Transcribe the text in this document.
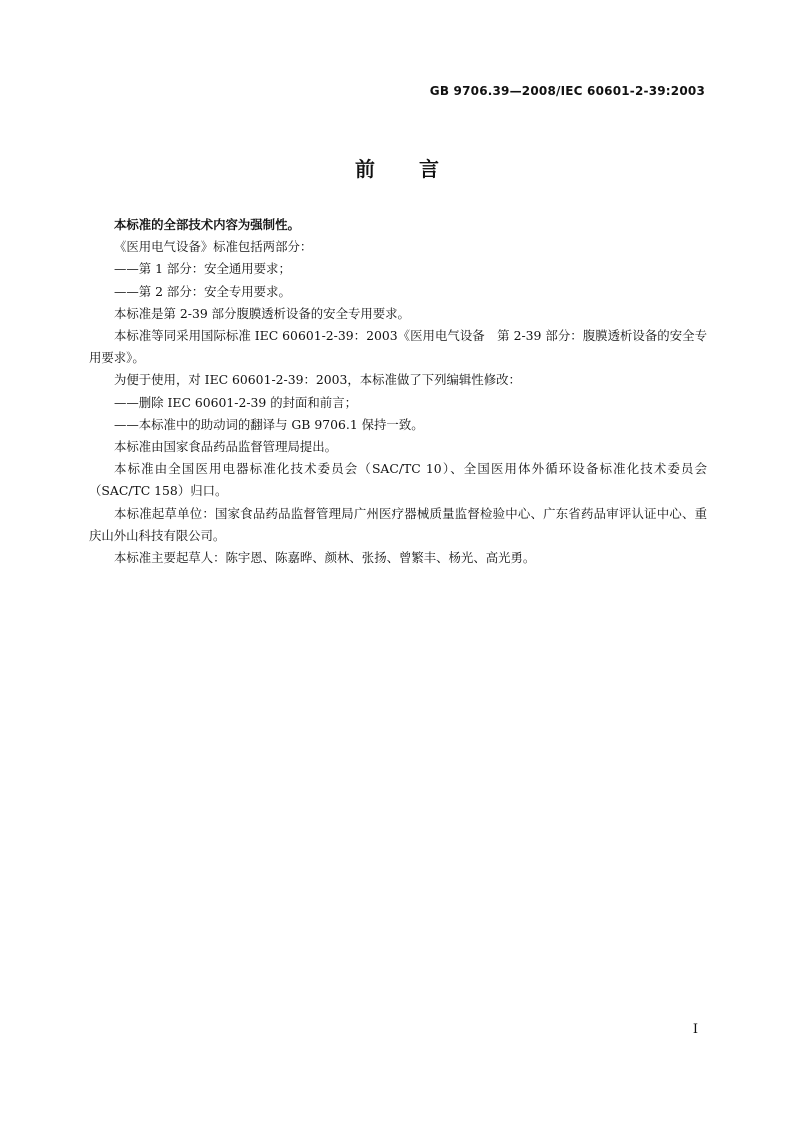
GB 9706.39—2008/IEC 60601-2-39:2003
前 言

本标准的全部技术内容为强制性。

《医用电气设备》标准包括两部分：

——第 1 部分：安全通用要求；

——第 2 部分：安全专用要求。

本标准是第 2-39 部分腹膜透析设备的安全专用要求。

本标准等同采用国际标准 IEC 60601-2-39：2003《医用电气设备　第 2-39 部分：腹膜透析设备的安全专用要求》。

为便于使用，对 IEC 60601-2-39：2003，本标准做了下列编辑性修改：

——删除 IEC 60601-2-39 的封面和前言；

——本标准中的助动词的翻译与 GB 9706.1 保持一致。

本标准由国家食品药品监督管理局提出。

本标准由全国医用电器标准化技术委员会（SAC/TC 10）、全国医用体外循环设备标准化技术委员会（SAC/TC 158）归口。

本标准起草单位：国家食品药品监督管理局广州医疗器械质量监督检验中心、广东省药品审评认证中心、重庆山外山科技有限公司。

本标准主要起草人：陈宇恩、陈嘉晔、颜林、张扬、曾繁丰、杨光、高光勇。

I
